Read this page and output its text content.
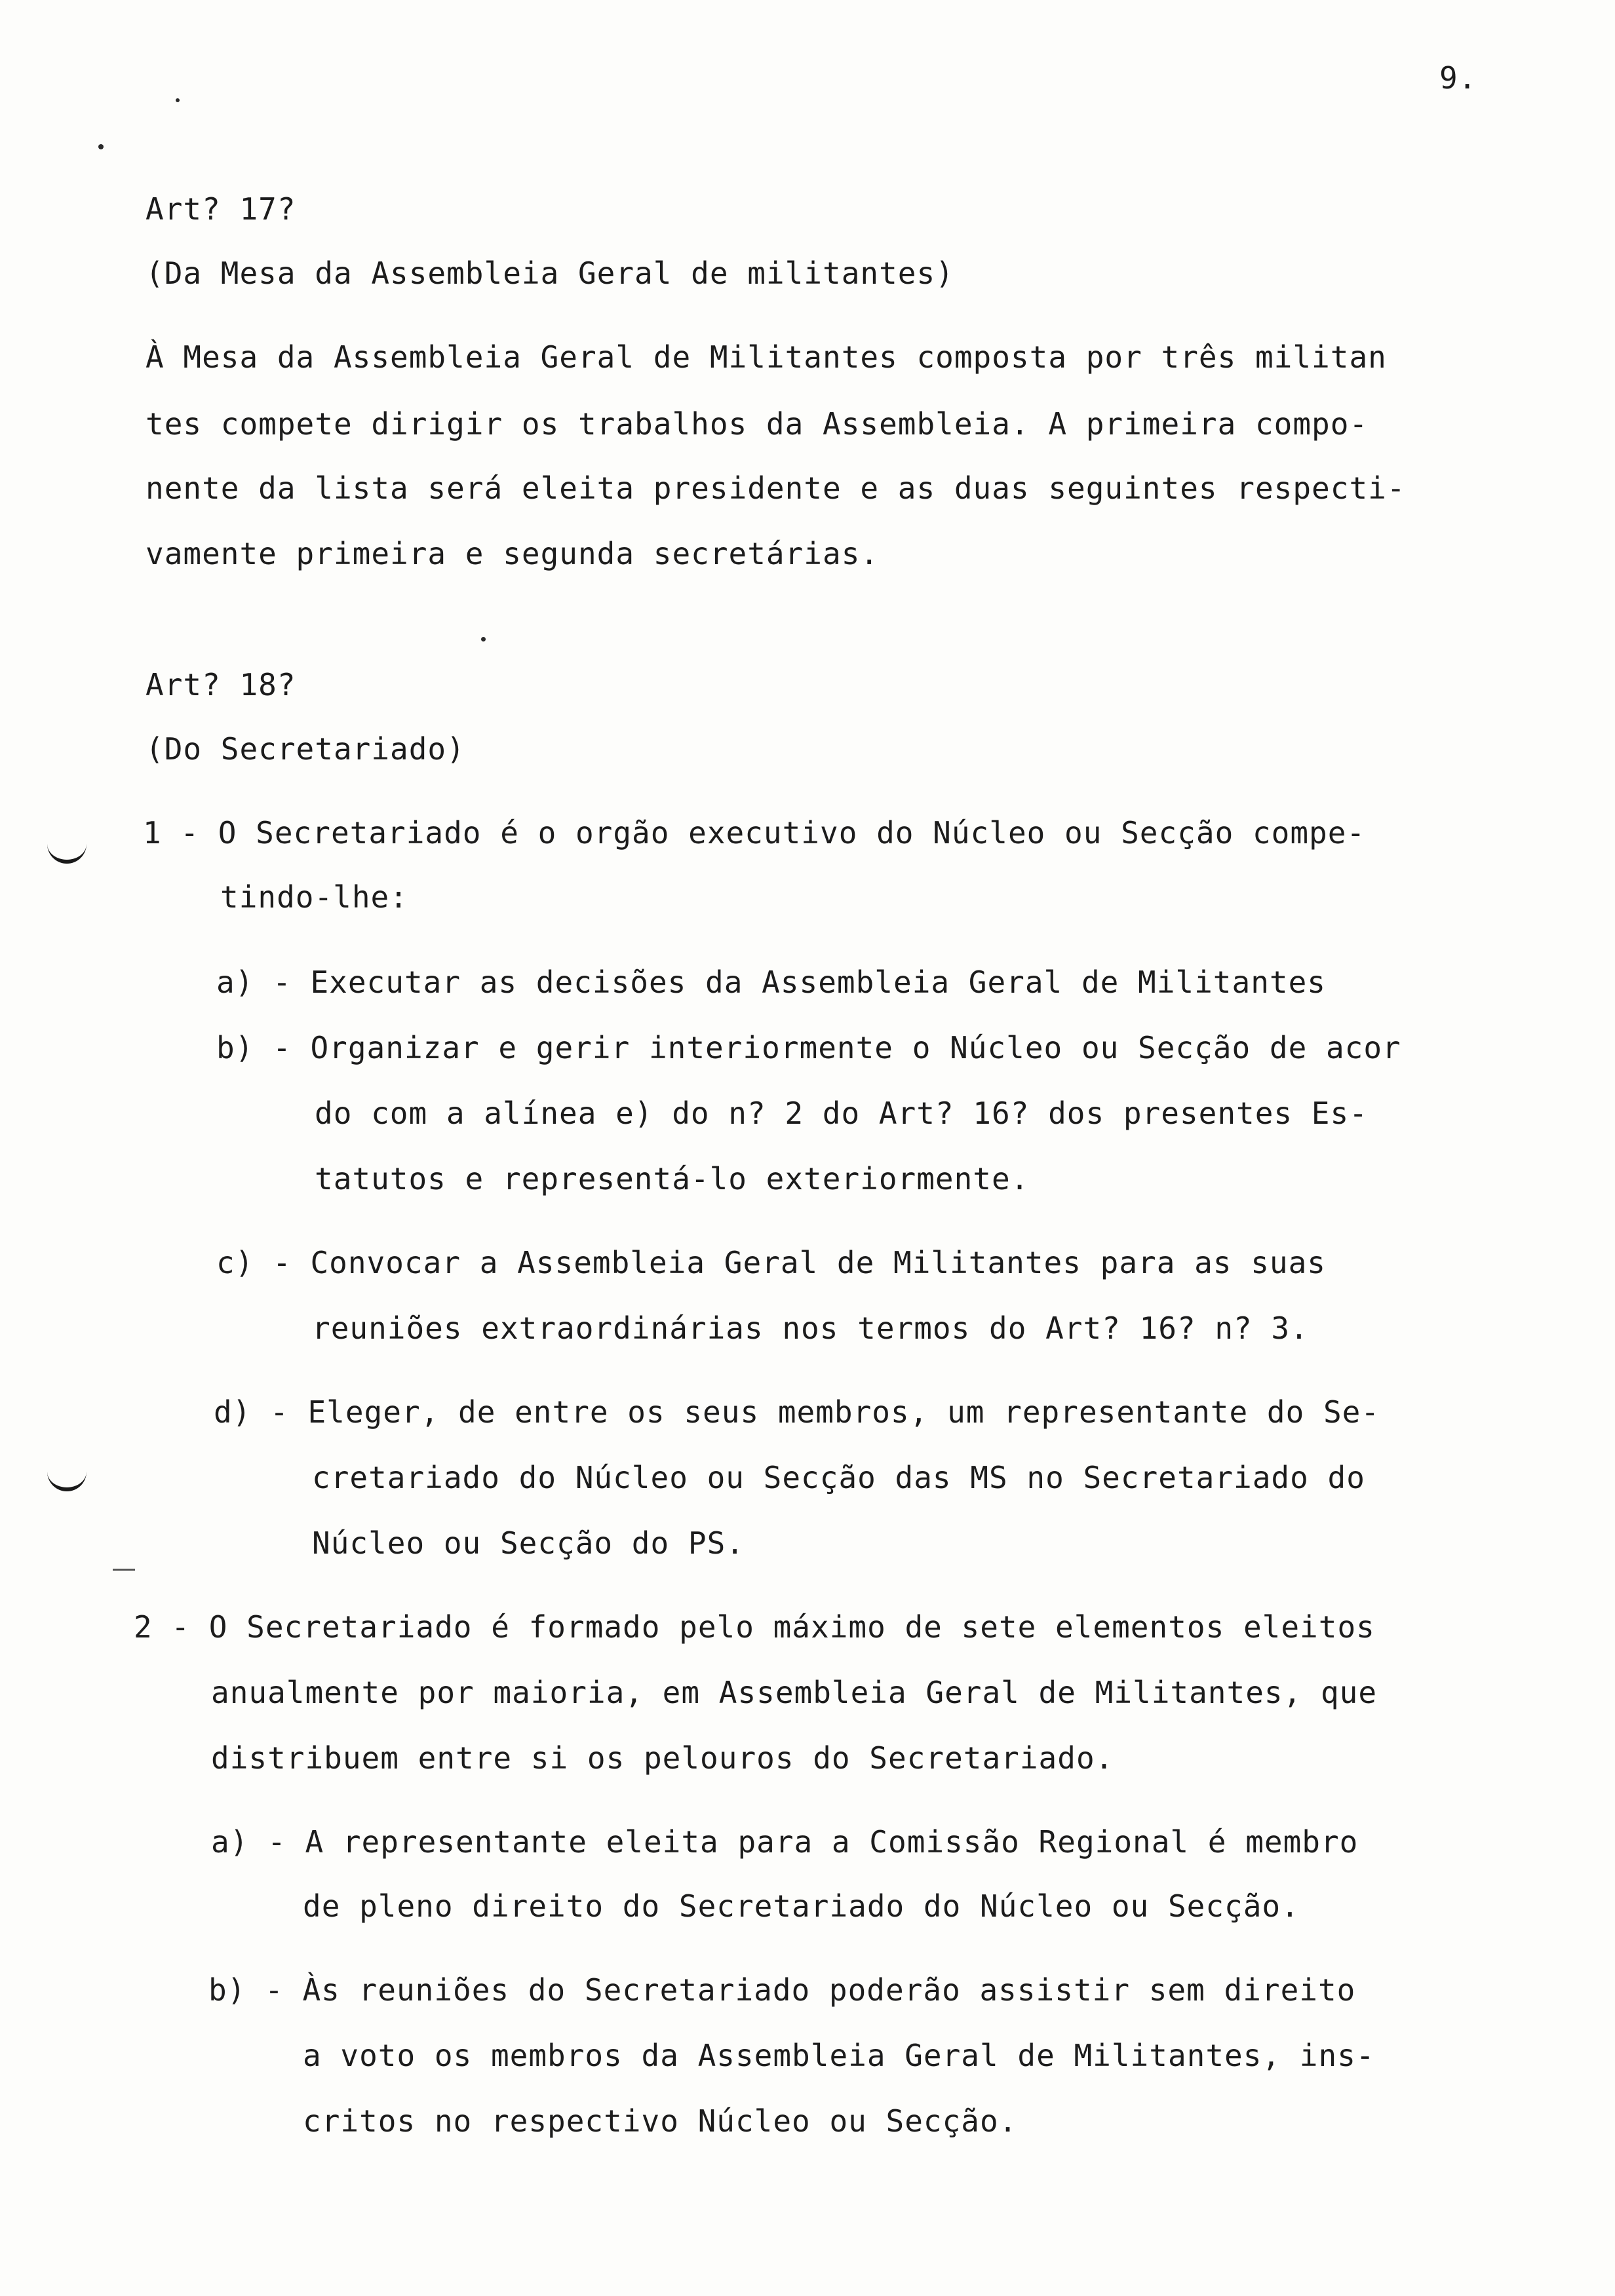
9.
Art? 17?
(Da Mesa da Assembleia Geral de militantes)
À Mesa da Assembleia Geral de Militantes composta por três militan
tes compete dirigir os trabalhos da Assembleia. A primeira compo-
nente da lista será eleita presidente e as duas seguintes respecti-
vamente primeira e segunda secretárias.
Art? 18?
(Do Secretariado)
1 - O Secretariado é o orgão executivo do Núcleo ou Secção compe-
tindo-lhe:
a) - Executar as decisões da Assembleia Geral de Militantes
b) - Organizar e gerir interiormente o Núcleo ou Secção de acor
do com a alínea e) do n? 2 do Art? 16? dos presentes Es-
tatutos e representá-lo exteriormente.
c) - Convocar a Assembleia Geral de Militantes para as suas
reuniões extraordinárias nos termos do Art? 16? n? 3.
d) - Eleger, de entre os seus membros, um representante do Se-
cretariado do Núcleo ou Secção das MS no Secretariado do
Núcleo ou Secção do PS.
2 - O Secretariado é formado pelo máximo de sete elementos eleitos
anualmente por maioria, em Assembleia Geral de Militantes, que
distribuem entre si os pelouros do Secretariado.
a) - A representante eleita para a Comissão Regional é membro
de pleno direito do Secretariado do Núcleo ou Secção.
b) - Às reuniões do Secretariado poderão assistir sem direito
a voto os membros da Assembleia Geral de Militantes, ins-
critos no respectivo Núcleo ou Secção.
